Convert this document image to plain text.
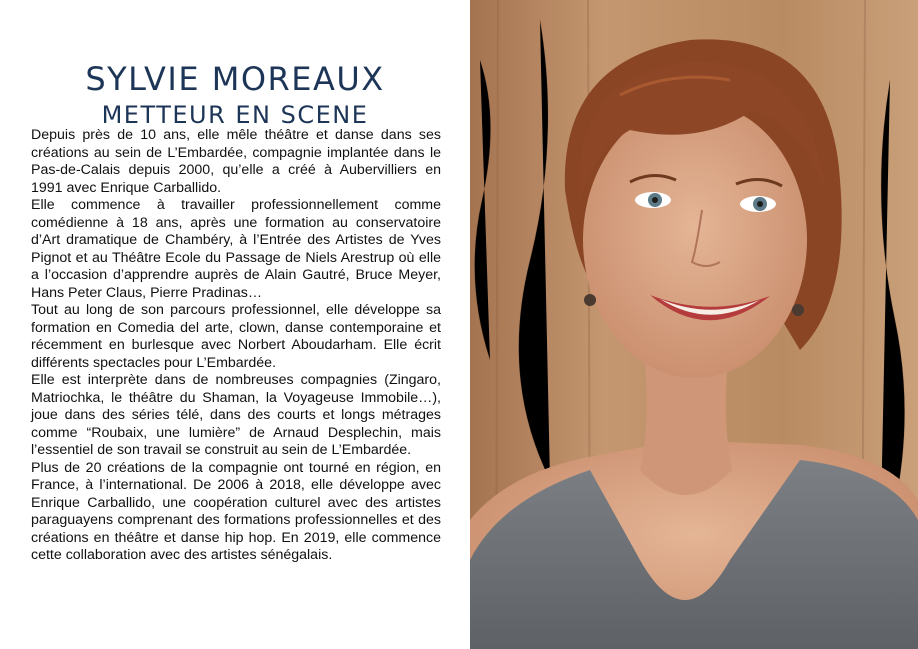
SYLVIE MOREAUX
METTEUR EN SCENE

Depuis près de 10 ans, elle mêle théâtre et danse dans ses créations au sein de L’Embardée, compagnie implantée dans le Pas-de-Calais depuis 2000, qu’elle a créé à Aubervilliers en 1991 avec Enrique Carballido.

Elle commence à travailler professionnellement comme comédienne à 18 ans, après une formation au conservatoire d’Art dramatique de Chambéry, à l’Entrée des Artistes de Yves Pignot et au Théâtre Ecole du Passage de Niels Arestrup où elle a l’occasion d’apprendre auprès de Alain Gautré, Bruce Meyer, Hans Peter Claus, Pierre Pradinas…

Tout au long de son parcours professionnel, elle développe sa formation en Comedia del arte, clown, danse contemporaine et récemment en burlesque avec Norbert Aboudarham. Elle écrit différents spectacles pour L’Embardée.

Elle est interprète dans de nombreuses compagnies (Zingaro, Matriochka, le théâtre du Shaman, la Voyageuse Immobile…), joue dans des séries télé, dans des courts et longs métrages comme “Roubaix, une lumière” de Arnaud Desplechin, mais l’essentiel de son travail se construit au sein de L’Embardée.

Plus de 20 créations de la compagnie ont tourné en région, en France, à l’international. De 2006 à 2018, elle développe avec Enrique Carballido, une coopération culturel avec des artistes paraguayens comprenant des formations professionnelles et des créations en théâtre et danse hip hop. En 2019, elle commence cette collaboration avec des artistes sénégalais.
